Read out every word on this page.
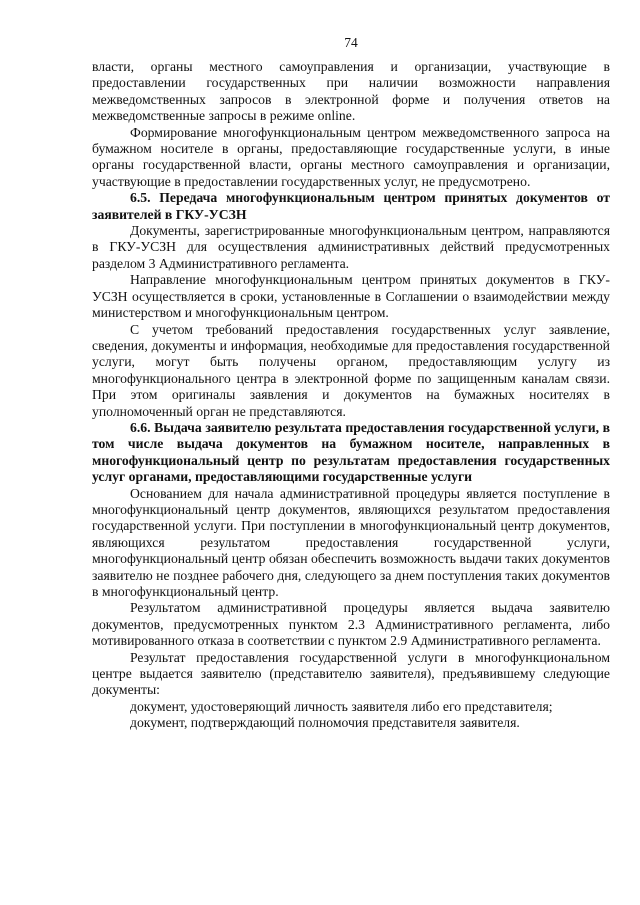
74

власти, органы местного самоуправления и организации, участвующие в предоставлении государственных при наличии возможности направления межведомственных запросов в электронной форме и получения ответов на межведомственные запросы в режиме online.

Формирование многофункциональным центром межведомственного запроса на бумажном носителе в органы, предоставляющие государственные услуги, в иные органы государственной власти, органы местного самоуправления и организации, участвующие в предоставлении государственных услуг, не предусмотрено.

6.5. Передача многофункциональным центром принятых документов от заявителей в ГКУ-УСЗН

Документы, зарегистрированные многофункциональным центром, направляются в ГКУ-УСЗН для осуществления административных действий предусмотренных разделом 3 Административного регламента.

Направление многофункциональным центром принятых документов в ГКУ-УСЗН осуществляется в сроки, установленные в Соглашении о взаимодействии между министерством и многофункциональным центром.

С учетом требований предоставления государственных услуг заявление, сведения, документы и информация, необходимые для предоставления государственной услуги, могут быть получены органом, предоставляющим услугу из многофункционального центра в электронной форме по защищенным каналам связи. При этом оригиналы заявления и документов на бумажных носителях в уполномоченный орган не представляются.

6.6. Выдача заявителю результата предоставления государственной услуги, в том числе выдача документов на бумажном носителе, направленных в многофункциональный центр по результатам предоставления государственных услуг органами, предоставляющими государственные услуги

Основанием для начала административной процедуры является поступление в многофункциональный центр документов, являющихся результатом предоставления государственной услуги. При поступлении в многофункциональный центр документов, являющихся результатом предоставления государственной услуги, многофункциональный центр обязан обеспечить возможность выдачи таких документов заявителю не позднее рабочего дня, следующего за днем поступления таких документов в многофункциональный центр.

Результатом административной процедуры является выдача заявителю документов, предусмотренных пунктом 2.3 Административного регламента, либо мотивированного отказа в соответствии с пунктом 2.9 Административного регламента.

Результат предоставления государственной услуги в многофункциональном центре выдается заявителю (представителю заявителя), предъявившему следующие документы:

документ, удостоверяющий личность заявителя либо его представителя;

документ, подтверждающий полномочия представителя заявителя.
